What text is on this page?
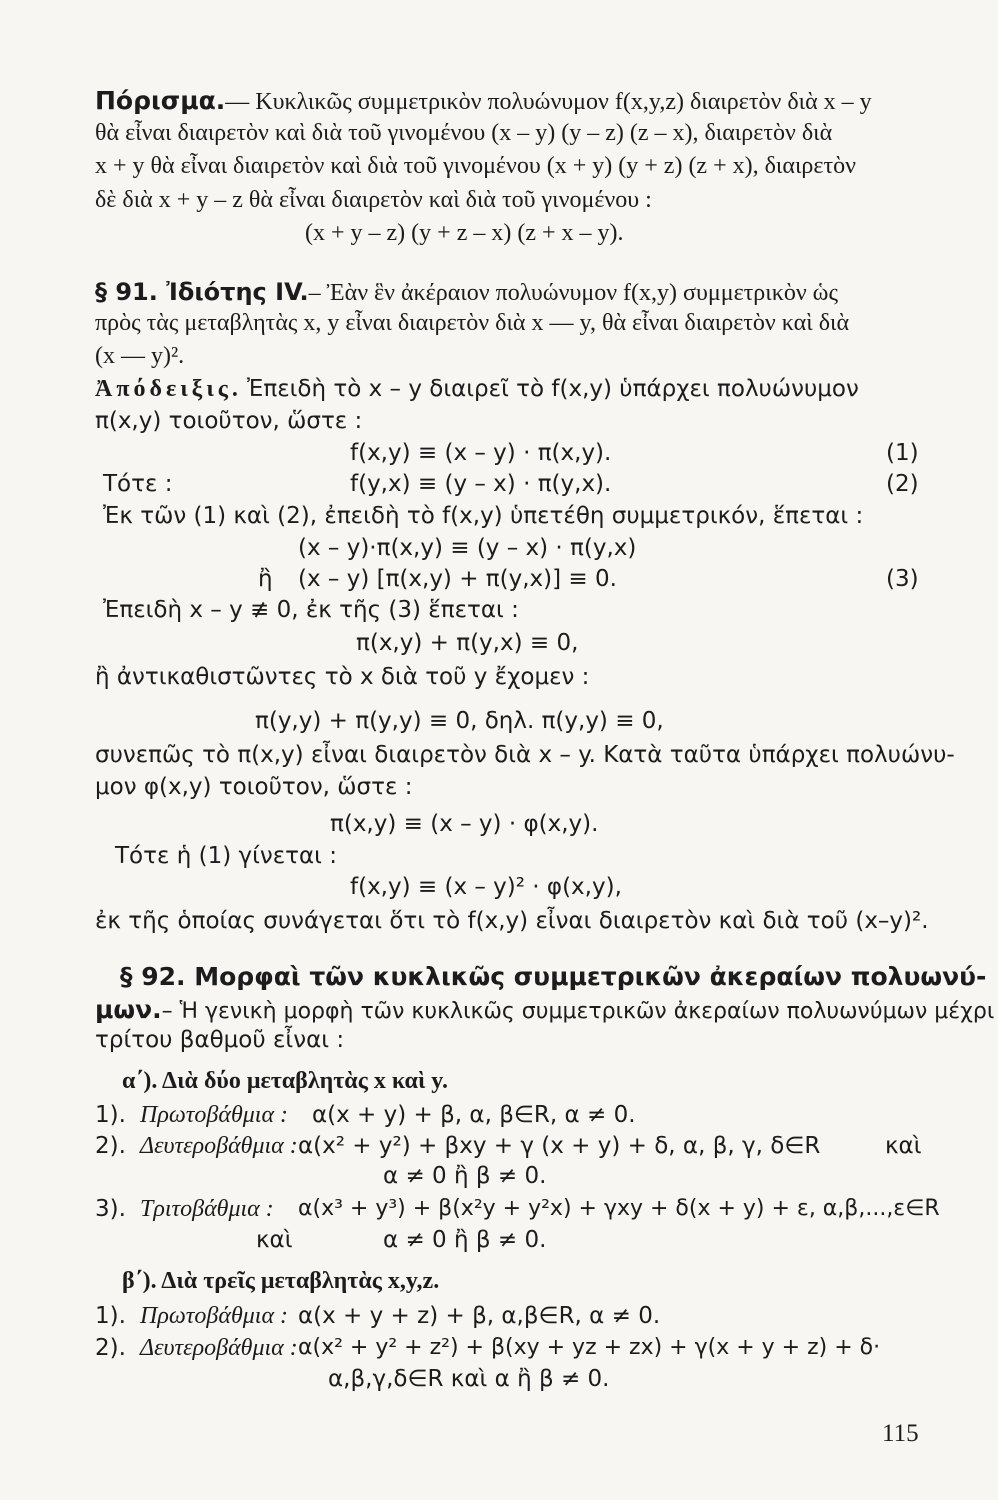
Πόρισμα.— Κυκλικῶς συμμετρικὸν πολυώνυμον f(x,y,z) διαιρετὸν διὰ x – y
θὰ εἶναι διαιρετὸν καὶ διὰ τοῦ γινομένου (x – y) (y – z) (z – x), διαιρετὸν διὰ
x + y θὰ εἶναι διαιρετὸν καὶ διὰ τοῦ γινομένου (x + y) (y + z) (z + x), διαιρετὸν
δὲ διὰ x + y – z θὰ εἶναι διαιρετὸν καὶ διὰ τοῦ γινομένου :
(x + y – z) (y + z – x) (z + x – y).
§ 91. Ἰδιότης IV.– Ἐὰν ἓν ἀκέραιον πολυώνυμον f(x,y) συμμετρικὸν ὡς
πρὸς τὰς μεταβλητὰς x, y εἶναι διαιρετὸν διὰ x — y, θὰ εἶναι διαιρετὸν καὶ διὰ
(x — y)².
Ἀπόδειξις. Ἐπειδὴ τὸ x – y διαιρεῖ τὸ f(x,y) ὑπάρχει πολυώνυμον
π(x,y) τοιοῦτον, ὥστε :
f(x,y) ≡ (x – y) · π(x,y).	(1)
Τότε :	f(y,x) ≡ (y – x) · π(y,x).	(2)
Ἐκ τῶν (1) καὶ (2), ἐπειδὴ τὸ f(x,y) ὑπετέθη συμμετρικόν, ἕπεται :
(x – y)·π(x,y) ≡ (y – x) · π(y,x)
ἢ (x – y) [π(x,y) + π(y,x)] ≡ 0.	(3)
Ἐπειδὴ x – y ≢ 0, ἐκ τῆς (3) ἕπεται :
π(x,y) + π(y,x) ≡ 0,
ἢ ἀντικαθιστῶντες τὸ x διὰ τοῦ y ἔχομεν :
π(y,y) + π(y,y) ≡ 0, δηλ. π(y,y) ≡ 0,
συνεπῶς τὸ π(x,y) εἶναι διαιρετὸν διὰ x – y. Κατὰ ταῦτα ὑπάρχει πολυώνυ-
μον φ(x,y) τοιοῦτον, ὥστε :
π(x,y) ≡ (x – y) · φ(x,y).
Τότε ἡ (1) γίνεται :
f(x,y) ≡ (x – y)² · φ(x,y),
ἐκ τῆς ὁποίας συνάγεται ὅτι τὸ f(x,y) εἶναι διαιρετὸν καὶ διὰ τοῦ (x–y)².
§ 92. Μορφαὶ τῶν κυκλικῶς συμμετρικῶν ἀκεραίων πολυωνύ-
μων.– Ἡ γενικὴ μορφὴ τῶν κυκλικῶς συμμετρικῶν ἀκεραίων πολυωνύμων μέχρι
τρίτου βαθμοῦ εἶναι :
α΄). Διὰ δύο μεταβλητὰς x καὶ y.
1). Πρωτοβάθμια : α(x + y) + β, α, β∈R, α ≠ 0.
2). Δευτεροβάθμια : α(x² + y²) + βxy + γ (x + y) + δ, α, β, γ, δ∈R	καὶ
α ≠ 0 ἢ β ≠ 0.
3). Τριτοβάθμια : α(x³ + y³) + β(x²y + y²x) + γxy + δ(x + y) + ε, α,β,...,ε∈R
καὶ	α ≠ 0 ἢ β ≠ 0.
β΄). Διὰ τρεῖς μεταβλητὰς x,y,z.
1). Πρωτοβάθμια : α(x + y + z) + β, α,β∈R, α ≠ 0.
2). Δευτεροβάθμια : α(x² + y² + z²) + β(xy + yz + zx) + γ(x + y + z) + δ·
α,β,γ,δ∈R καὶ α ἢ β ≠ 0.
115
